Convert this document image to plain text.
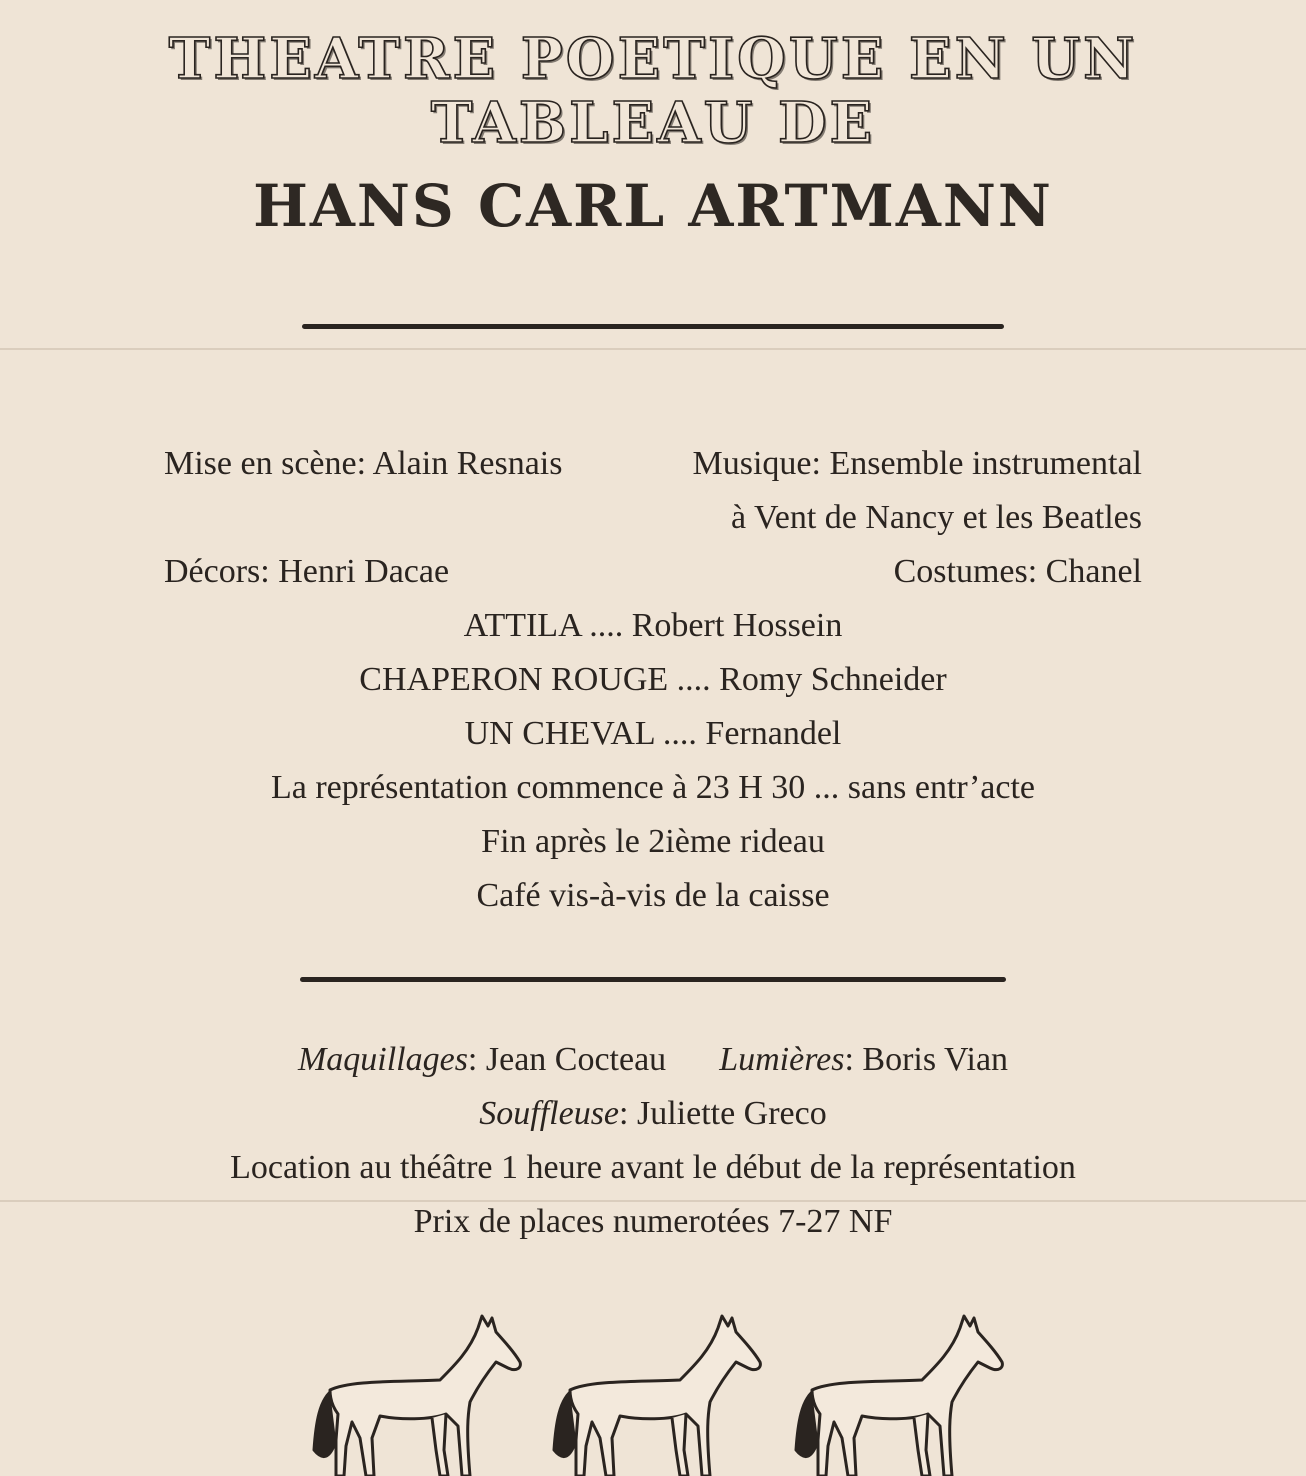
THEATRE POETIQUE EN UN
TABLEAU DE
HANS CARL ARTMANN
Mise en scène: Alain Resnais	Musique: Ensemble instrumental
à Vent de Nancy et les Beatles
Décors: Henri Dacae	Costumes: Chanel
ATTILA .... Robert Hossein
CHAPERON ROUGE .... Romy Schneider
UN CHEVAL .... Fernandel
La représentation commence à 23 H 30 ... sans entr’acte
Fin après le 2ième rideau
Café vis-à-vis de la caisse
Maquillages: Jean Cocteau Lumières: Boris Vian
Souffleuse: Juliette Greco
Location au théâtre 1 heure avant le début de la représentation
Prix de places numerotées 7-27 NF
